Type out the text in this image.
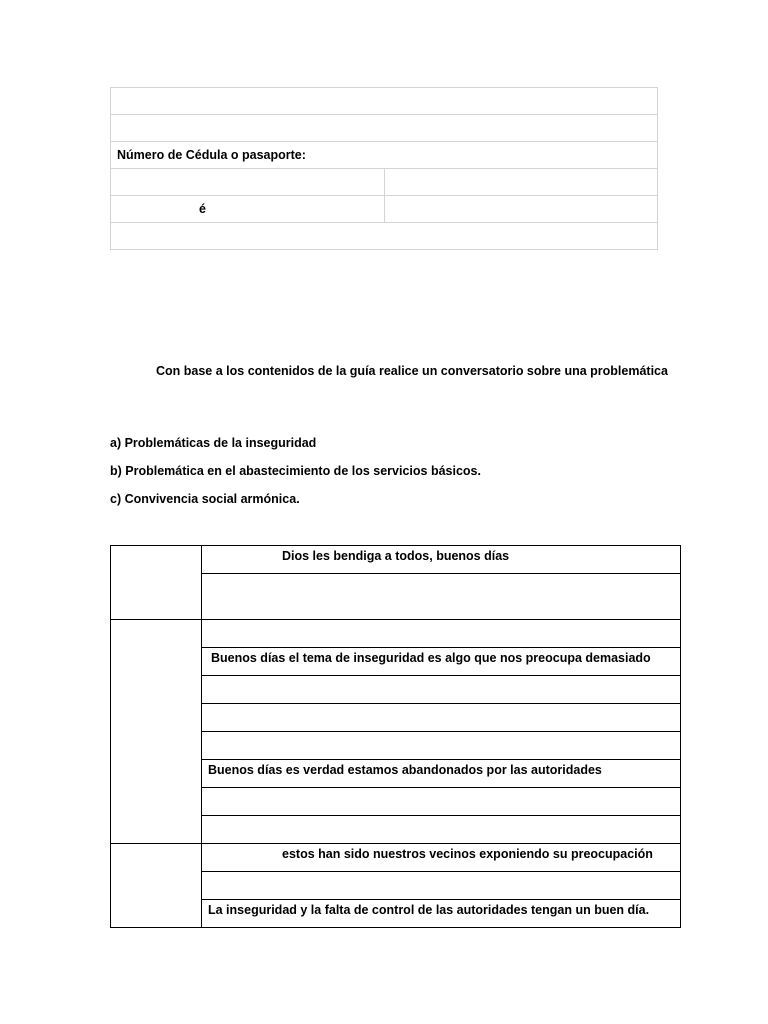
Número de Cédula o pasaporte:	

é	

Con base a los contenidos de la guía realice un conversatorio sobre una problemática
a) Problemáticas de la inseguridad
b) Problemática en el abastecimiento de los servicios básicos.
c) Convivencia social armónica.
	Dios les bendiga a todos, buenos días

	Buenos días el tema de inseguridad es algo que nos preocupa demasiado

	Buenos días es verdad estamos abandonados por las autoridades

	estos han sido nuestros vecinos exponiendo su preocupación

	La inseguridad y la falta de control de las autoridades tengan un buen día.
